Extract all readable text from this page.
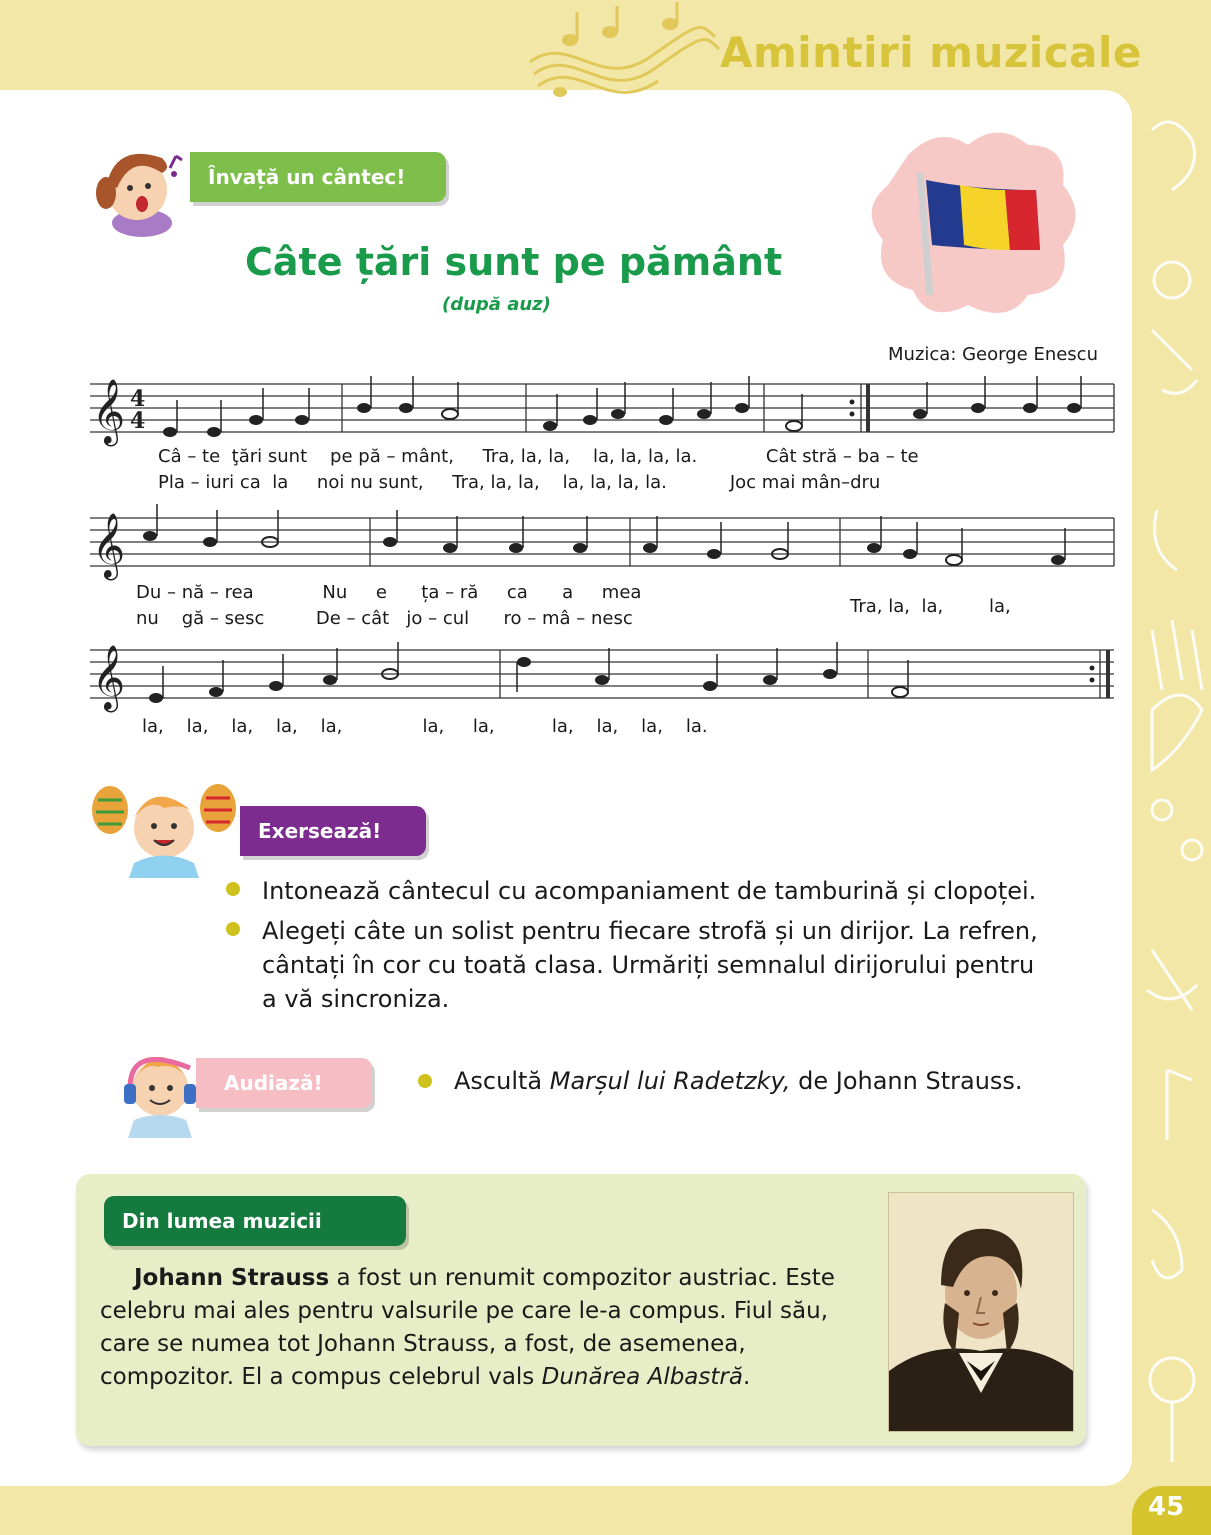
Amintiri muzicale
45
Învață un cântec!
Câte țări sunt pe pământ
(după auz)
Muzica: George Enescu
𝄞
𝄞
𝄞
4
4
Câ – te ţări sunt pe pă – mânt, Tra, la, la, la, la, la, la.	Cât stră – ba – te
Pla – iuri ca la noi nu sunt, Tra, la, la, la, la, la, la.	Joc mai mân–dru
Du – nă – rea	Nu e ța – ră ca a mea
nu gă – sesc	De – cât jo – cul ro – mâ – nesc
Tra, la, la,	la,
la, la, la, la, la,	la, la,	la, la, la, la.
Exersează!
Intonează cântecul cu acompaniament de tamburină și clopoței.
Alegeți câte un solist pentru fiecare strofă și un dirijor. La refren, cântați în cor cu toată clasa. Urmăriți semnalul dirijorului pentru a vă sincroniza.
Audiază!	Ascultă Marșul lui Radetzky, de Johann Strauss.
Din lumea muzicii
Johann Strauss a fost un renumit compozitor austriac. Este celebru mai ales pentru valsurile pe care le-a compus. Fiul său, care se numea tot Johann Strauss, a fost, de asemenea, compozitor. El a compus celebrul vals Dunărea Albastră.
